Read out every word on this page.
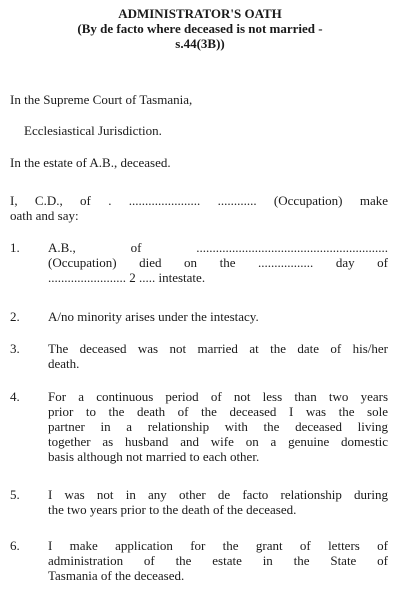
ADMINISTRATOR'S OATH
(By de facto where deceased is not married -
s.44(3B))
In the Supreme Court of Tasmania,
Ecclesiastical Jurisdiction.
In the estate of A.B., deceased.
I, C.D., of . ...................... ............ (Occupation) make
oath and say:
1. A.B., of ...........................................................
(Occupation) died on the ................. day of
........................ 2 ..... intestate.
2. A/no minority arises under the intestacy.
3. The deceased was not married at the date of his/her
death.
4. For a continuous period of not less than two years
prior to the death of the deceased I was the sole
partner in a relationship with the deceased living
together as husband and wife on a genuine domestic
basis although not married to each other.
5. I was not in any other de facto relationship during
the two years prior to the death of the deceased.
6. I make application for the grant of letters of
administration of the estate in the State of
Tasmania of the deceased.
